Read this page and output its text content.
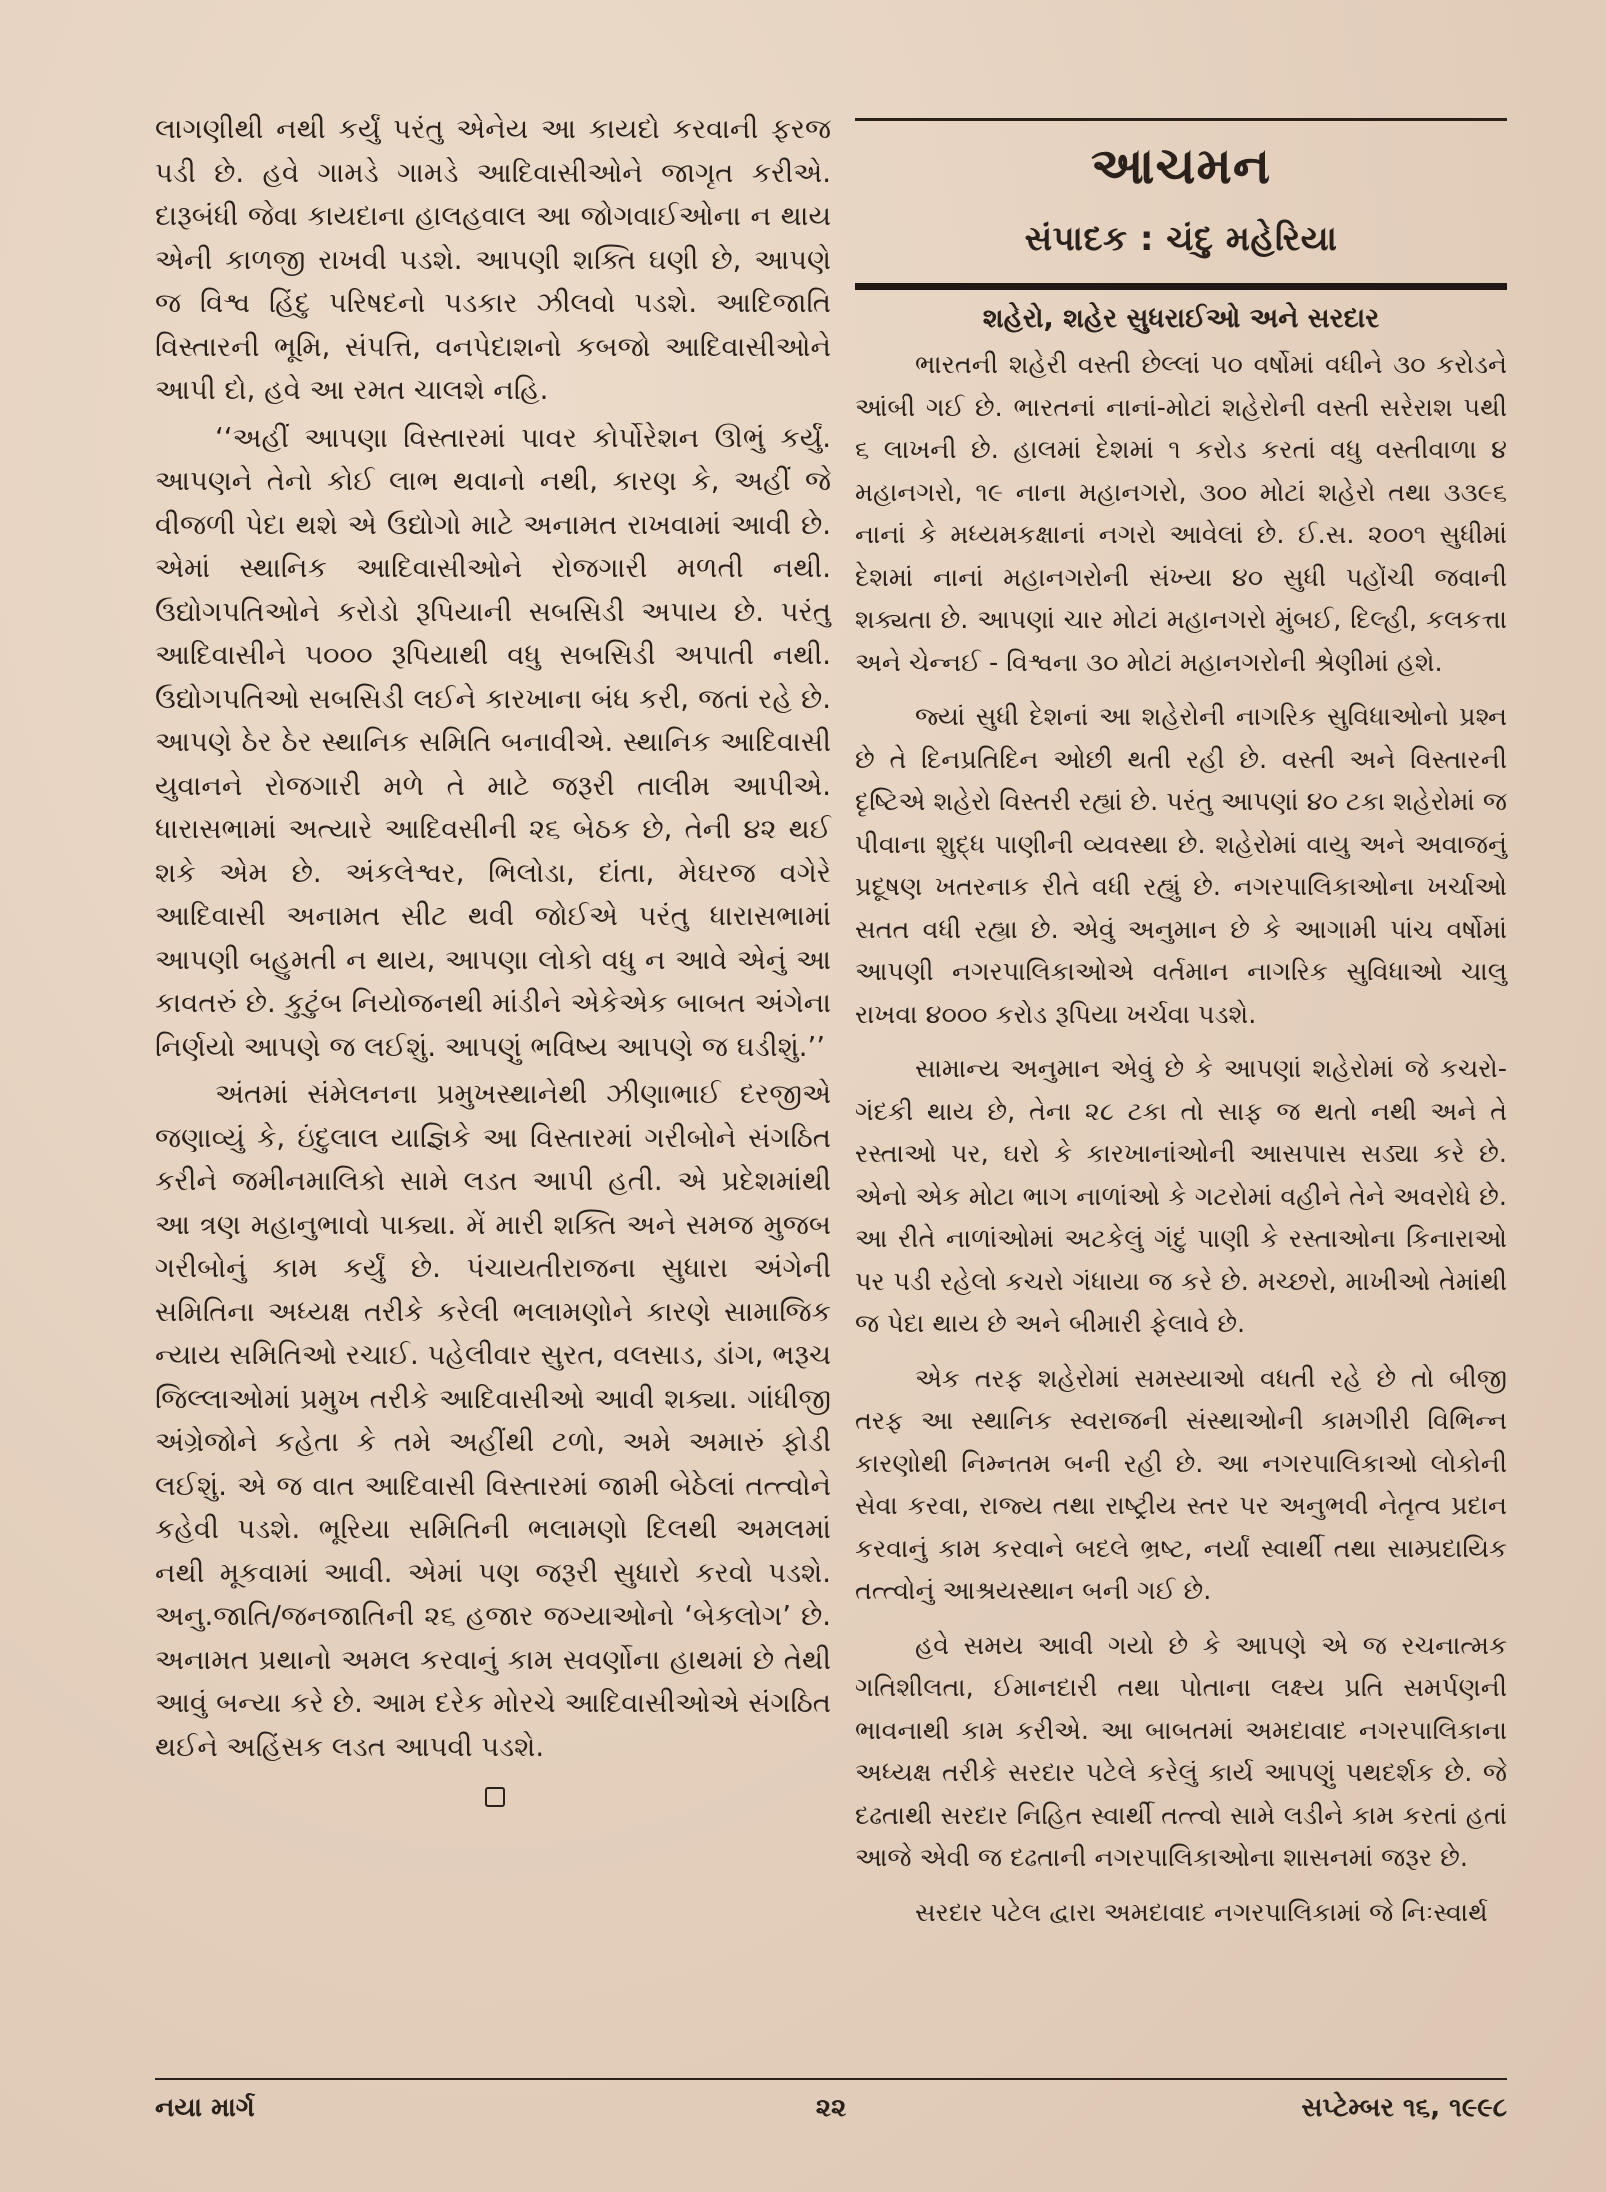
લાગણીથી નથી કર્યું પરંતુ એનેય આ કાયદો કરવાની ફરજ પડી છે. હવે ગામડે ગામડે આદિવાસીઓને જાગૃત કરીએ. દારૂબંધી જેવા કાયદાના હાલહવાલ આ જોગવાઈઓના ન થાય એની કાળજી રાખવી પડશે. આપણી શક્તિ ઘણી છે, આપણે જ વિશ્વ હિંદુ પરિષદનો પડકાર ઝીલવો પડશે. આદિજાતિ વિસ્તારની ભૂમિ, સંપત્તિ, વનપેદાશનો કબજો આદિવાસીઓને આપી દો, હવે આ રમત ચાલશે નહિ.

‘‘અહીં આપણા વિસ્તારમાં પાવર કોર્પોરેશન ઊભું કર્યું. આપણને તેનો કોઈ લાભ થવાનો નથી, કારણ કે, અહીં જે વીજળી પેદા થશે એ ઉદ્યોગો માટે અનામત રાખવામાં આવી છે. એમાં સ્થાનિક આદિવાસીઓને રોજગારી મળતી નથી. ઉદ્યોગપતિઓને કરોડો રૂપિયાની સબસિડી અપાય છે. પરંતુ આદિવાસીને ૫૦૦૦ રૂપિયાથી વધુ સબસિડી અપાતી નથી. ઉદ્યોગપતિઓ સબસિડી લઈને કારખાના બંધ કરી, જતાં રહે છે. આપણે ઠેર ઠેર સ્થાનિક સમિતિ બનાવીએ. સ્થાનિક આદિવાસી યુવાનને રોજગારી મળે તે માટે જરૂરી તાલીમ આપીએ. ધારાસભામાં અત્યારે આદિવસીની ૨૬ બેઠક છે, તેની ૪૨ થઈ શકે એમ છે. અંકલેશ્વર, ભિલોડા, દાંતા, મેઘરજ વગેરે આદિવાસી અનામત સીટ થવી જોઈએ પરંતુ ધારાસભામાં આપણી બહુમતી ન થાય, આપણા લોકો વધુ ન આવે એનું આ કાવતરું છે. કુટુંબ નિયોજનથી માંડીને એકેએક બાબત અંગેના નિર્ણયો આપણે જ લઈશું. આપણું ભવિષ્ય આપણે જ ઘડીશું.’’

અંતમાં સંમેલનના પ્રમુખસ્થાનેથી ઝીણાભાઈ દરજીએ જણાવ્યું કે, ઇંદુલાલ યાજ્ઞિકે આ વિસ્તારમાં ગરીબોને સંગઠિત કરીને જમીનમાલિકો સામે લડત આપી હતી. એ પ્રદેશમાંથી આ ત્રણ મહાનુભાવો પાક્યા. મેં મારી શક્તિ અને સમજ મુજબ ગરીબોનું કામ કર્યું છે. પંચાયતીરાજના સુધારા અંગેની સમિતિના અધ્યક્ષ તરીકે કરેલી ભલામણોને કારણે સામાજિક ન્યાય સમિતિઓ રચાઈ. પહેલીવાર સુરત, વલસાડ, ડાંગ, ભરૂચ જિલ્લાઓમાં પ્રમુખ તરીકે આદિવાસીઓ આવી શક્યા. ગાંધીજી અંગ્રેજોને કહેતા કે તમે અહીંથી ટળો, અમે અમારું ફોડી લઈશું. એ જ વાત આદિવાસી વિસ્તારમાં જામી બેઠેલાં તત્ત્વોને કહેવી પડશે. ભૂરિયા સમિતિની ભલામણો દિલથી અમલમાં નથી મૂકવામાં આવી. એમાં પણ જરૂરી સુધારો કરવો પડશે. અનુ.જાતિ/જનજાતિની ૨૬ હજાર જગ્યાઓનો ‘બેકલોગ’ છે. અનામત પ્રથાનો અમલ કરવાનું કામ સવર્ણોના હાથમાં છે તેથી આવું બન્યા કરે છે. આમ દરેક મોરચે આદિવાસીઓએ સંગઠિત થઈને અહિંસક લડત આપવી પડશે.

આચમન
સંપાદક : ચંદુ મહેરિયા
શહેરો, શહેર સુધરાઈઓ અને સરદાર

ભારતની શહેરી વસ્તી છેલ્લાં ૫૦ વર્ષોમાં વધીને ૩૦ કરોડને આંબી ગઈ છે. ભારતનાં નાનાં-મોટાં શહેરોની વસ્તી સરેરાશ ૫થી ૬ લાખની છે. હાલમાં દેશમાં ૧ કરોડ કરતાં વધુ વસ્તીવાળા ૪ મહાનગરો, ૧૯ નાના મહાનગરો, ૩૦૦ મોટાં શહેરો તથા ૩૩૯૬ નાનાં કે મધ્યમકક્ષાનાં નગરો આવેલાં છે. ઈ.સ. ૨૦૦૧ સુધીમાં દેશમાં નાનાં મહાનગરોની સંખ્યા ૪૦ સુધી પહોંચી જવાની શક્યતા છે. આપણાં ચાર મોટાં મહાનગરો મુંબઈ, દિલ્હી, કલકત્તા અને ચેન્નઈ - વિશ્વના ૩૦ મોટાં મહાનગરોની શ્રેણીમાં હશે.

જ્યાં સુધી દેશનાં આ શહેરોની નાગરિક સુવિધાઓનો પ્રશ્ન છે તે દિનપ્રતિદિન ઓછી થતી રહી છે. વસ્તી અને વિસ્તારની દૃષ્ટિએ શહેરો વિસ્તરી રહ્યાં છે. પરંતુ આપણાં ૪૦ ટકા શહેરોમાં જ પીવાના શુદ્ધ પાણીની વ્યવસ્થા છે. શહેરોમાં વાયુ અને અવાજનું પ્રદૂષણ ખતરનાક રીતે વધી રહ્યું છે. નગરપાલિકાઓના ખર્ચાઓ સતત વધી રહ્યા છે. એવું અનુમાન છે કે આગામી પાંચ વર્ષોમાં આપણી નગરપાલિકાઓએ વર્તમાન નાગરિક સુવિધાઓ ચાલુ રાખવા ૪૦૦૦ કરોડ રૂપિયા ખર્ચવા પડશે.

સામાન્ય અનુમાન એવું છે કે આપણાં શહેરોમાં જે કચરો-ગંદકી થાય છે, તેના ૨૮ ટકા તો સાફ જ થતો નથી અને તે રસ્તાઓ પર, ઘરો કે કારખાનાંઓની આસપાસ સડ્યા કરે છે. એનો એક મોટા ભાગ નાળાંઓ કે ગટરોમાં વહીને તેને અવરોધે છે. આ રીતે નાળાંઓમાં અટકેલું ગંદું પાણી કે રસ્તાઓના કિનારાઓ પર પડી રહેલો કચરો ગંધાયા જ કરે છે. મચ્છરો, માખીઓ તેમાંથી જ પેદા થાય છે અને બીમારી ફેલાવે છે.

એક તરફ શહેરોમાં સમસ્યાઓ વધતી રહે છે તો બીજી તરફ આ સ્થાનિક સ્વરાજની સંસ્થાઓની કામગીરી વિભિન્ન કારણોથી નિમ્નતમ બની રહી છે. આ નગરપાલિકાઓ લોકોની સેવા કરવા, રાજ્ય તથા રાષ્ટ્રીય સ્તર પર અનુભવી નેતૃત્વ પ્રદાન કરવાનું કામ કરવાને બદલે ભ્રષ્ટ, નર્યાં સ્વાર્થી તથા સામ્પ્રદાયિક તત્ત્વોનું આશ્રયસ્થાન બની ગઈ છે.

હવે સમય આવી ગયો છે કે આપણે એ જ રચનાત્મક ગતિશીલતા, ઈમાનદારી તથા પોતાના લક્ષ્ય પ્રતિ સમર્પણની ભાવનાથી કામ કરીએ. આ બાબતમાં અમદાવાદ નગરપાલિકાના અધ્યક્ષ તરીકે સરદાર પટેલે કરેલું કાર્ય આપણું પથદર્શક છે. જે દઢતાથી સરદાર નિહિત સ્વાર્થી તત્ત્વો સામે લડીને કામ કરતાં હતાં આજે એવી જ દઢતાની નગરપાલિકાઓના શાસનમાં જરૂર છે.

સરદાર પટેલ દ્વારા અમદાવાદ નગરપાલિકામાં જે નિઃસ્વાર્થ

નયા માર્ગ	૨૨	સપ્ટેમ્બર ૧૬, ૧૯૯૮
